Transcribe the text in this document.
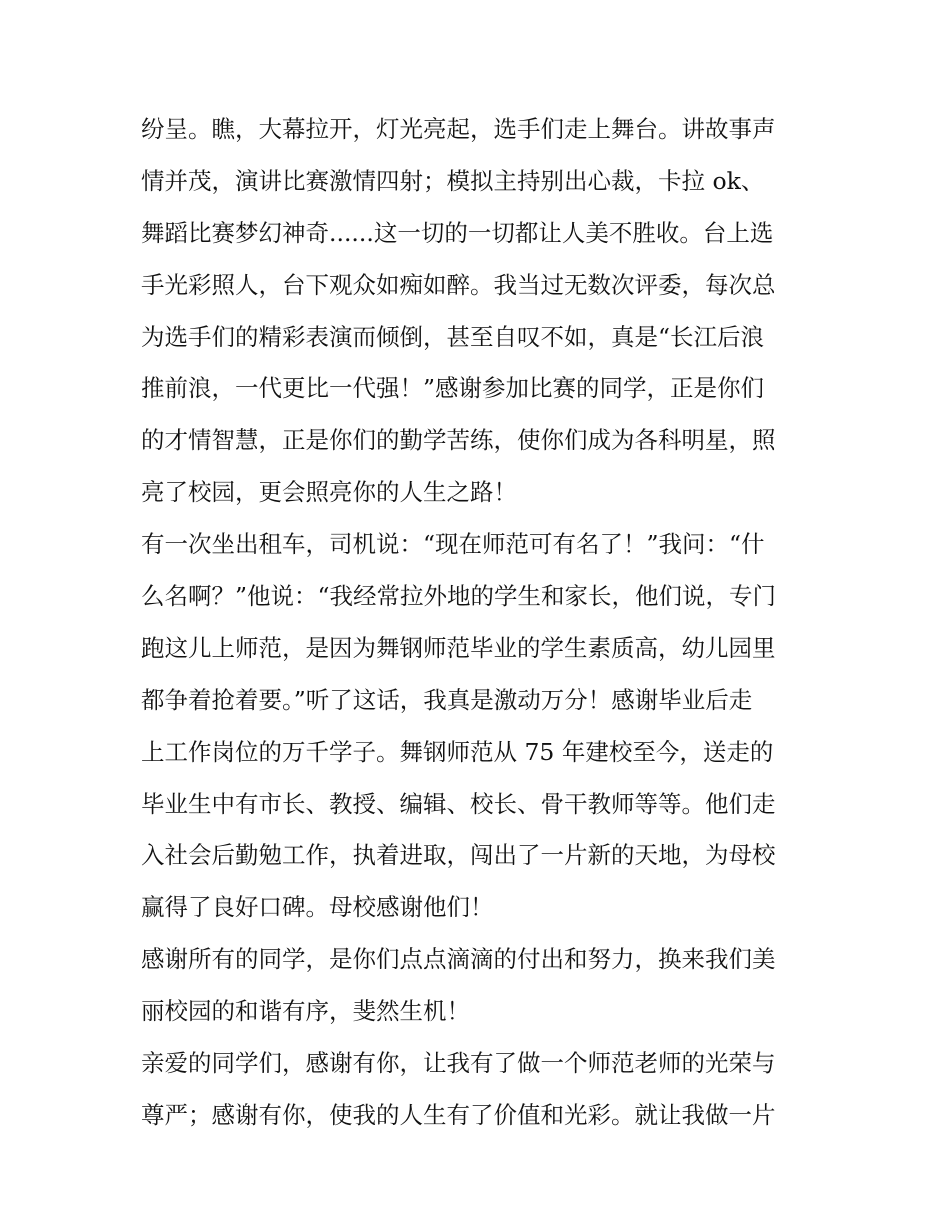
纷呈。瞧，大幕拉开，灯光亮起，选手们走上舞台。讲故事声
情并茂，演讲比赛激情四射；模拟主持别出心裁，卡拉 ok、
舞蹈比赛梦幻神奇......这一切的一切都让人美不胜收。台上选
手光彩照人，台下观众如痴如醉。我当过无数次评委，每次总
为选手们的精彩表演而倾倒，甚至自叹不如，真是“长江后浪
推前浪，一代更比一代强！”感谢参加比赛的同学，正是你们
的才情智慧，正是你们的勤学苦练，使你们成为各科明星，照
亮了校园，更会照亮你的人生之路！
有一次坐出租车，司机说：“现在师范可有名了！”我问：“什
么名啊？”他说：“我经常拉外地的学生和家长，他们说，专门
跑这儿上师范，是因为舞钢师范毕业的学生素质高，幼儿园里
都争着抢着要。”听了这话，我真是激动万分！感谢毕业后走
上工作岗位的万千学子。舞钢师范从 75 年建校至今，送走的
毕业生中有市长、教授、编辑、校长、骨干教师等等。他们走
入社会后勤勉工作，执着进取，闯出了一片新的天地，为母校
赢得了良好口碑。母校感谢他们！
感谢所有的同学，是你们点点滴滴的付出和努力，换来我们美
丽校园的和谐有序，斐然生机！
亲爱的同学们，感谢有你，让我有了做一个师范老师的光荣与
尊严；感谢有你，使我的人生有了价值和光彩。就让我做一片
